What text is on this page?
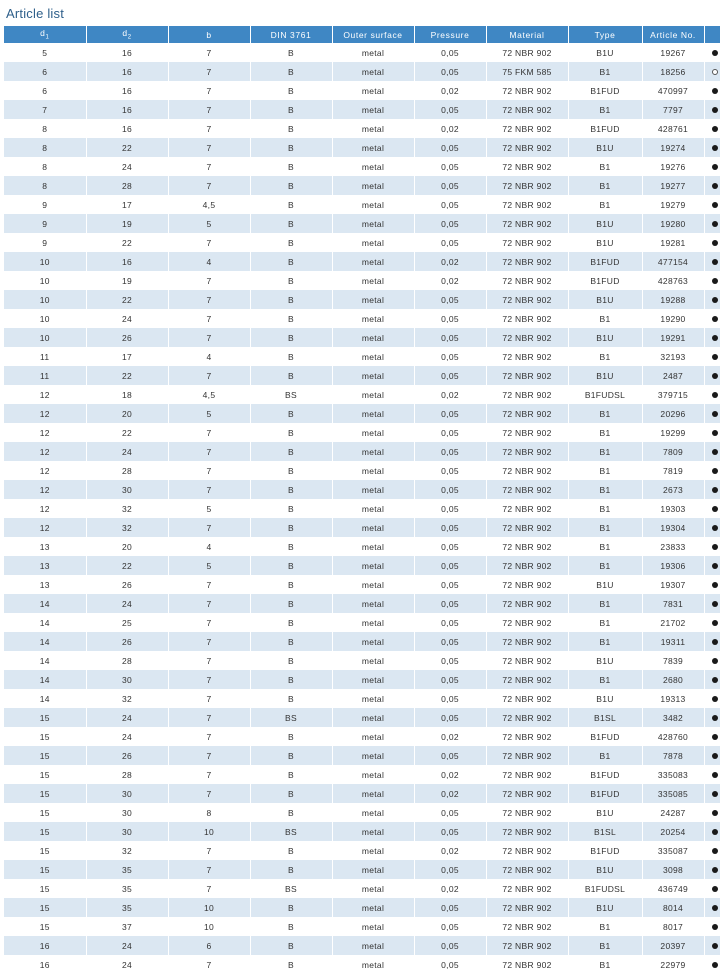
Article list
$d_1$	$d_2$	b	DIN 3761	Outer surface	Pressure	Material	Type	Article No.	
5	16	7	B	metal	0,05	72 NBR 902	B1U	19267	
6	16	7	B	metal	0,05	75 FKM 585	B1	18256	
6	16	7	B	metal	0,02	72 NBR 902	B1FUD	470997	
7	16	7	B	metal	0,05	72 NBR 902	B1	7797	
8	16	7	B	metal	0,02	72 NBR 902	B1FUD	428761	
8	22	7	B	metal	0,05	72 NBR 902	B1U	19274	
8	24	7	B	metal	0,05	72 NBR 902	B1	19276	
8	28	7	B	metal	0,05	72 NBR 902	B1	19277	
9	17	4,5	B	metal	0,05	72 NBR 902	B1	19279	
9	19	5	B	metal	0,05	72 NBR 902	B1U	19280	
9	22	7	B	metal	0,05	72 NBR 902	B1U	19281	
10	16	4	B	metal	0,02	72 NBR 902	B1FUD	477154	
10	19	7	B	metal	0,02	72 NBR 902	B1FUD	428763	
10	22	7	B	metal	0,05	72 NBR 902	B1U	19288	
10	24	7	B	metal	0,05	72 NBR 902	B1	19290	
10	26	7	B	metal	0,05	72 NBR 902	B1U	19291	
11	17	4	B	metal	0,05	72 NBR 902	B1	32193	
11	22	7	B	metal	0,05	72 NBR 902	B1U	2487	
12	18	4,5	BS	metal	0,02	72 NBR 902	B1FUDSL	379715	
12	20	5	B	metal	0,05	72 NBR 902	B1	20296	
12	22	7	B	metal	0,05	72 NBR 902	B1	19299	
12	24	7	B	metal	0,05	72 NBR 902	B1	7809	
12	28	7	B	metal	0,05	72 NBR 902	B1	7819	
12	30	7	B	metal	0,05	72 NBR 902	B1	2673	
12	32	5	B	metal	0,05	72 NBR 902	B1	19303	
12	32	7	B	metal	0,05	72 NBR 902	B1	19304	
13	20	4	B	metal	0,05	72 NBR 902	B1	23833	
13	22	5	B	metal	0,05	72 NBR 902	B1	19306	
13	26	7	B	metal	0,05	72 NBR 902	B1U	19307	
14	24	7	B	metal	0,05	72 NBR 902	B1	7831	
14	25	7	B	metal	0,05	72 NBR 902	B1	21702	
14	26	7	B	metal	0,05	72 NBR 902	B1	19311	
14	28	7	B	metal	0,05	72 NBR 902	B1U	7839	
14	30	7	B	metal	0,05	72 NBR 902	B1	2680	
14	32	7	B	metal	0,05	72 NBR 902	B1U	19313	
15	24	7	BS	metal	0,05	72 NBR 902	B1SL	3482	
15	24	7	B	metal	0,02	72 NBR 902	B1FUD	428760	
15	26	7	B	metal	0,05	72 NBR 902	B1	7878	
15	28	7	B	metal	0,02	72 NBR 902	B1FUD	335083	
15	30	7	B	metal	0,02	72 NBR 902	B1FUD	335085	
15	30	8	B	metal	0,05	72 NBR 902	B1U	24287	
15	30	10	BS	metal	0,05	72 NBR 902	B1SL	20254	
15	32	7	B	metal	0,02	72 NBR 902	B1FUD	335087	
15	35	7	B	metal	0,05	72 NBR 902	B1U	3098	
15	35	7	BS	metal	0,02	72 NBR 902	B1FUDSL	436749	
15	35	10	B	metal	0,05	72 NBR 902	B1U	8014	
15	37	10	B	metal	0,05	72 NBR 902	B1	8017	
16	24	6	B	metal	0,05	72 NBR 902	B1	20397	
16	24	7	B	metal	0,05	72 NBR 902	B1	22979	
